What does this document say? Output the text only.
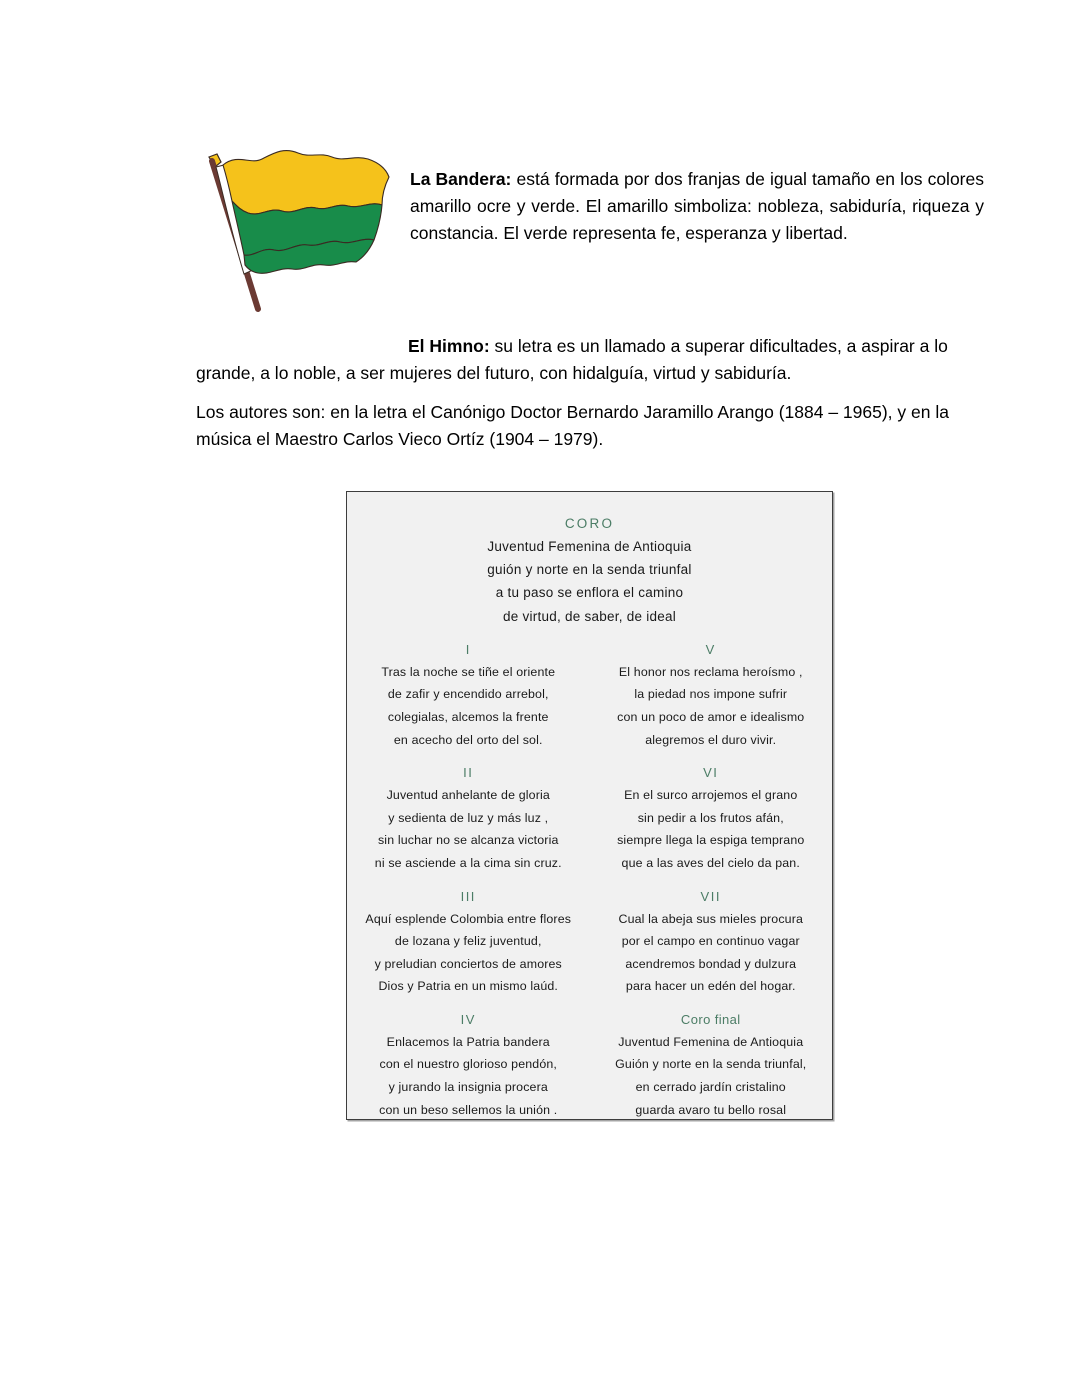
La Bandera: está formada por dos franjas de igual tamaño en los colores amarillo ocre y verde. El amarillo simboliza: nobleza, sabiduría, riqueza y constancia. El verde representa fe, esperanza y libertad.

El Himno: su letra es un llamado a superar dificultades, a aspirar a lo grande, a lo noble, a ser mujeres del futuro, con hidalguía, virtud y sabiduría.

Los autores son: en la letra el Canónigo Doctor Bernardo Jaramillo Arango (1884 – 1965), y en la música el Maestro Carlos Vieco Ortíz (1904 – 1979).

CORO
Juventud Femenina de Antioquia
guión y norte en la senda triunfal
a tu paso se enflora el camino
de virtud, de saber, de ideal
I
Tras la noche se tiñe el oriente
de zafir y encendido arrebol,
colegialas, alcemos la frente
en acecho del orto del sol.
II
Juventud anhelante de gloria
y sedienta de luz y más luz ,
sin luchar no se alcanza victoria
ni se asciende a la cima sin cruz.
III
Aquí esplende Colombia entre flores
de lozana y feliz juventud,
y preludian conciertos de amores
Dios y Patria en un mismo laúd.
IV
Enlacemos la Patria bandera
con el nuestro glorioso pendón,
y jurando la insignia procera
con un beso sellemos la unión .
V
El honor nos reclama heroísmo ,
la piedad nos impone sufrir
con un poco de amor e idealismo
alegremos el duro vivir.
VI
En el surco arrojemos el grano
sin pedir a los frutos afán,
siempre llega la espiga temprano
que a las aves del cielo da pan.
VII
Cual la abeja sus mieles procura
por el campo en continuo vagar
acendremos bondad y dulzura
para hacer un edén del hogar.
Coro final
Juventud Femenina de Antioquia
Guión y norte en la senda triunfal,
en cerrado jardín cristalino
guarda avaro tu bello rosal
